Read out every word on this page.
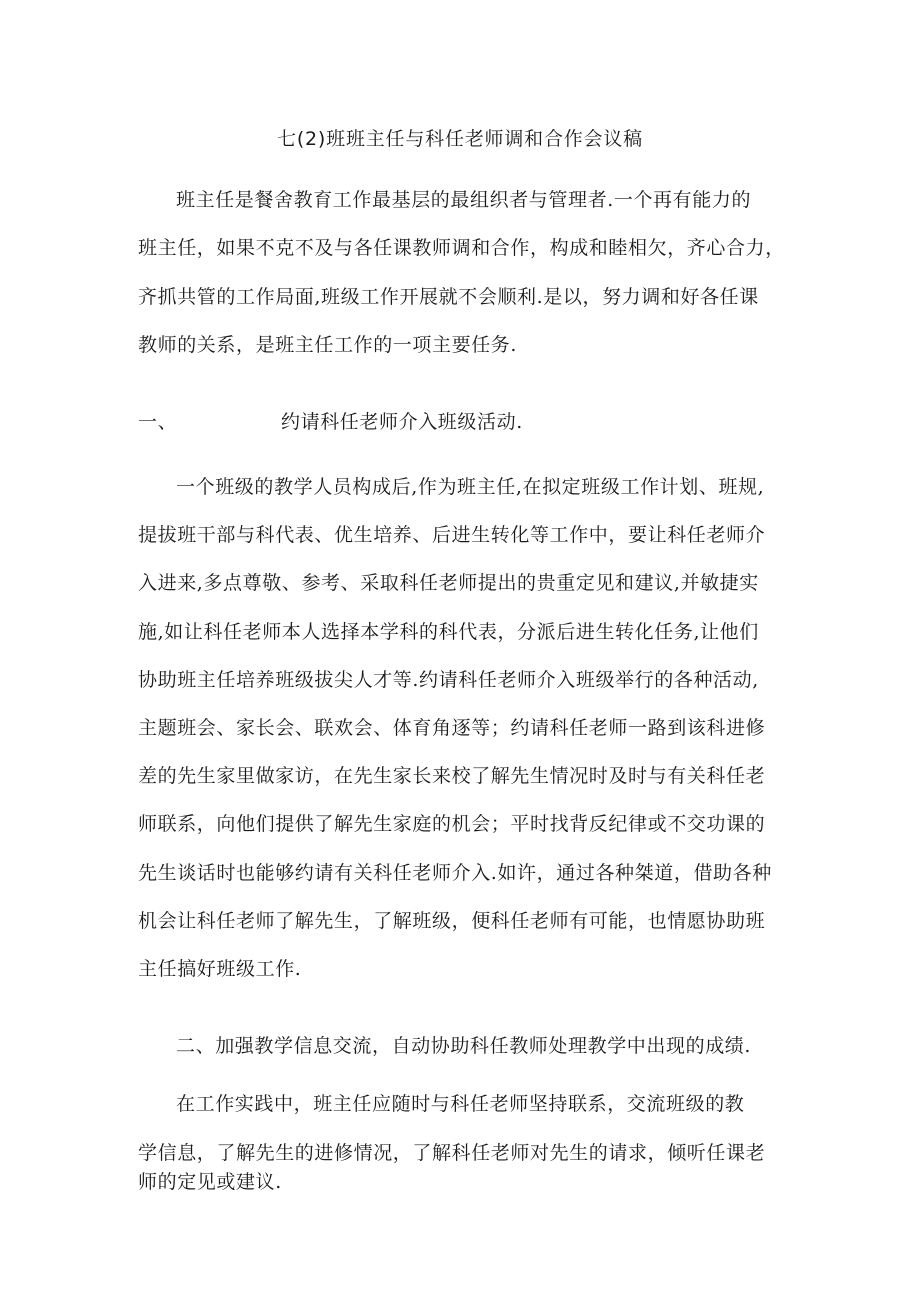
七(2)班班主任与科任老师调和合作会议稿
班主任是餐舍教育工作最基层的最组织者与管理者.一个再有能力的
班主任，如果不克不及与各任课教师调和合作，构成和睦相欠，齐心合力，
齐抓共管的工作局面,班级工作开展就不会顺利.是以，努力调和好各任课
教师的关系，是班主任工作的一项主要任务.
一、	约请科任老师介入班级活动.
一个班级的教学人员构成后,作为班主任,在拟定班级工作计划、班规,
提拔班干部与科代表、优生培养、后进生转化等工作中，要让科任老师介
入进来,多点尊敬、参考、采取科任老师提出的贵重定见和建议,并敏捷实
施,如让科任老师本人选择本学科的科代表，分派后进生转化任务,让他们
协助班主任培养班级拔尖人才等.约请科任老师介入班级举行的各种活动,
主题班会、家长会、联欢会、体育角逐等；约请科任老师一路到该科进修
差的先生家里做家访，在先生家长来校了解先生情况时及时与有关科任老
师联系，向他们提供了解先生家庭的机会；平时找背反纪律或不交功课的
先生谈话时也能够约请有关科任老师介入.如许，通过各种桀道，借助各种
机会让科任老师了解先生，了解班级，便科任老师有可能，也情愿协助班
主任搞好班级工作.
二、加强教学信息交流，自动协助科任教师处理教学中出现的成绩.
在工作实践中，班主任应随时与科任老师坚持联系，交流班级的教
学信息，了解先生的进修情况，了解科任老师对先生的请求，倾听任课老
师的定见或建议.
